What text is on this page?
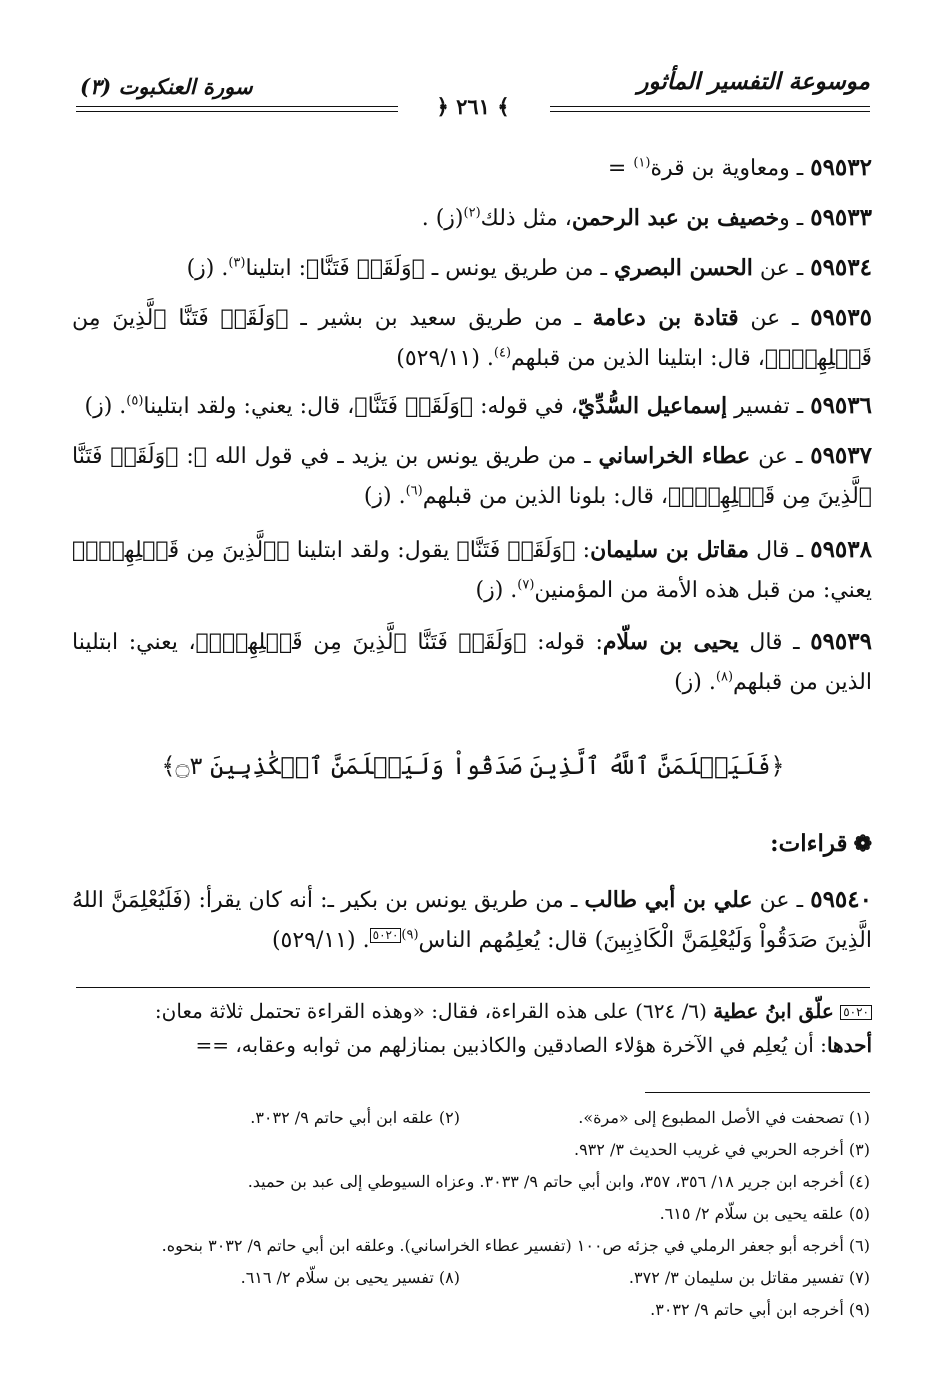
موسوعة التفسير المأثور
سورة العنكبوت (٣)
﴾ ٢٦١ ﴿

٥٩٥٣٢ ـ ومعاوية بن قرة$^{(١)}$ =

٥٩٥٣٣ ـ وخصيف بن عبد الرحمن، مثل ذلك$^{(٢)}$. (ز)

٥٩٥٣٤ ـ عن الحسن البصري ـ من طريق يونس ـ ﴿وَلَقَدۡ فَتَنَّا﴾: ابتلينا$^{(٣)}$. (ز)

٥٩٥٣٥ ـ عن قتادة بن دعامة ـ من طريق سعيد بن بشير ـ ﴿وَلَقَدۡ فَتَنَّا ٱلَّذِينَ مِن قَبۡلِهِمۡۖ﴾، قال: ابتلينا الذين من قبلهم$^{(٤)}$. (٥٢٩/١١)

٥٩٥٣٦ ـ تفسير إسماعيل السُّدِّيّ، في قوله: ﴿وَلَقَدۡ فَتَنَّا﴾، قال: يعني: ولقد ابتلينا$^{(٥)}$. (ز)

٥٩٥٣٧ ـ عن عطاء الخراساني ـ من طريق يونس بن يزيد ـ في قول الله ﷻ: ﴿وَلَقَدۡ فَتَنَّا ٱلَّذِينَ مِن قَبۡلِهِمۡۖ﴾، قال: بلونا الذين من قبلهم$^{(٦)}$. (ز)

٥٩٥٣٨ ـ قال مقاتل بن سليمان: ﴿وَلَقَدۡ فَتَنَّا﴾ يقول: ولقد ابتلينا ﴿ٱلَّذِينَ مِن قَبۡلِهِمۡۖ﴾ يعني: من قبل هذه الأمة من المؤمنين$^{(٧)}$. (ز)

٥٩٥٣٩ ـ قال يحيى بن سلّام: قوله: ﴿وَلَقَدۡ فَتَنَّا ٱلَّذِينَ مِن قَبۡلِهِمۡۖ﴾، يعني: ابتلينا الذين من قبلهم$^{(٨)}$. (ز)

﴿فَلَيَعۡلَمَنَّ ٱللَّهُ ٱلَّذِينَ صَدَقُواْ وَلَيَعۡلَمَنَّ ٱلۡكَٰذِبِينَ ۝٣﴾
❁قراءات:

٥٩٥٤٠ ـ عن علي بن أبي طالب ـ من طريق يونس بن بكير ـ: أنه كان يقرأ: (فَلَيُعْلِمَنَّ اللهُ الَّذِينَ صَدَقُواْ وَلَيُعْلِمَنَّ الْكَاذِبِينَ) قال: يُعلِمُهم الناس$^{(٩)}$٥٠٢٠. (٥٢٩/١١)

٥٠٢٠ علّق ابنُ عطية (٦/ ٦٢٤) على هذه القراءة، فقال: «وهذه القراءة تحتمل ثلاثة معان:

أحدها: أن يُعلِم في الآخرة هؤلاء الصادقين والكاذبين بمنازلهم من ثوابه وعقابه، ==

(١) تصحفت في الأصل المطبوع إلى «مرة».
(٢) علقه ابن أبي حاتم ٩/ ٣٠٣٢.
(٣) أخرجه الحربي في غريب الحديث ٣/ ٩٣٢.
(٤) أخرجه ابن جرير ١٨/ ٣٥٦، ٣٥٧، وابن أبي حاتم ٩/ ٣٠٣٣. وعزاه السيوطي إلى عبد بن حميد.
(٥) علقه يحيى بن سلّام ٢/ ٦١٥.
(٦) أخرجه أبو جعفر الرملي في جزئه ص١٠٠ (تفسير عطاء الخراساني). وعلقه ابن أبي حاتم ٩/ ٣٠٣٢ بنحوه.
(٧) تفسير مقاتل بن سليمان ٣/ ٣٧٢.
(٨) تفسير يحيى بن سلّام ٢/ ٦١٦.
(٩) أخرجه ابن أبي حاتم ٩/ ٣٠٣٢.
